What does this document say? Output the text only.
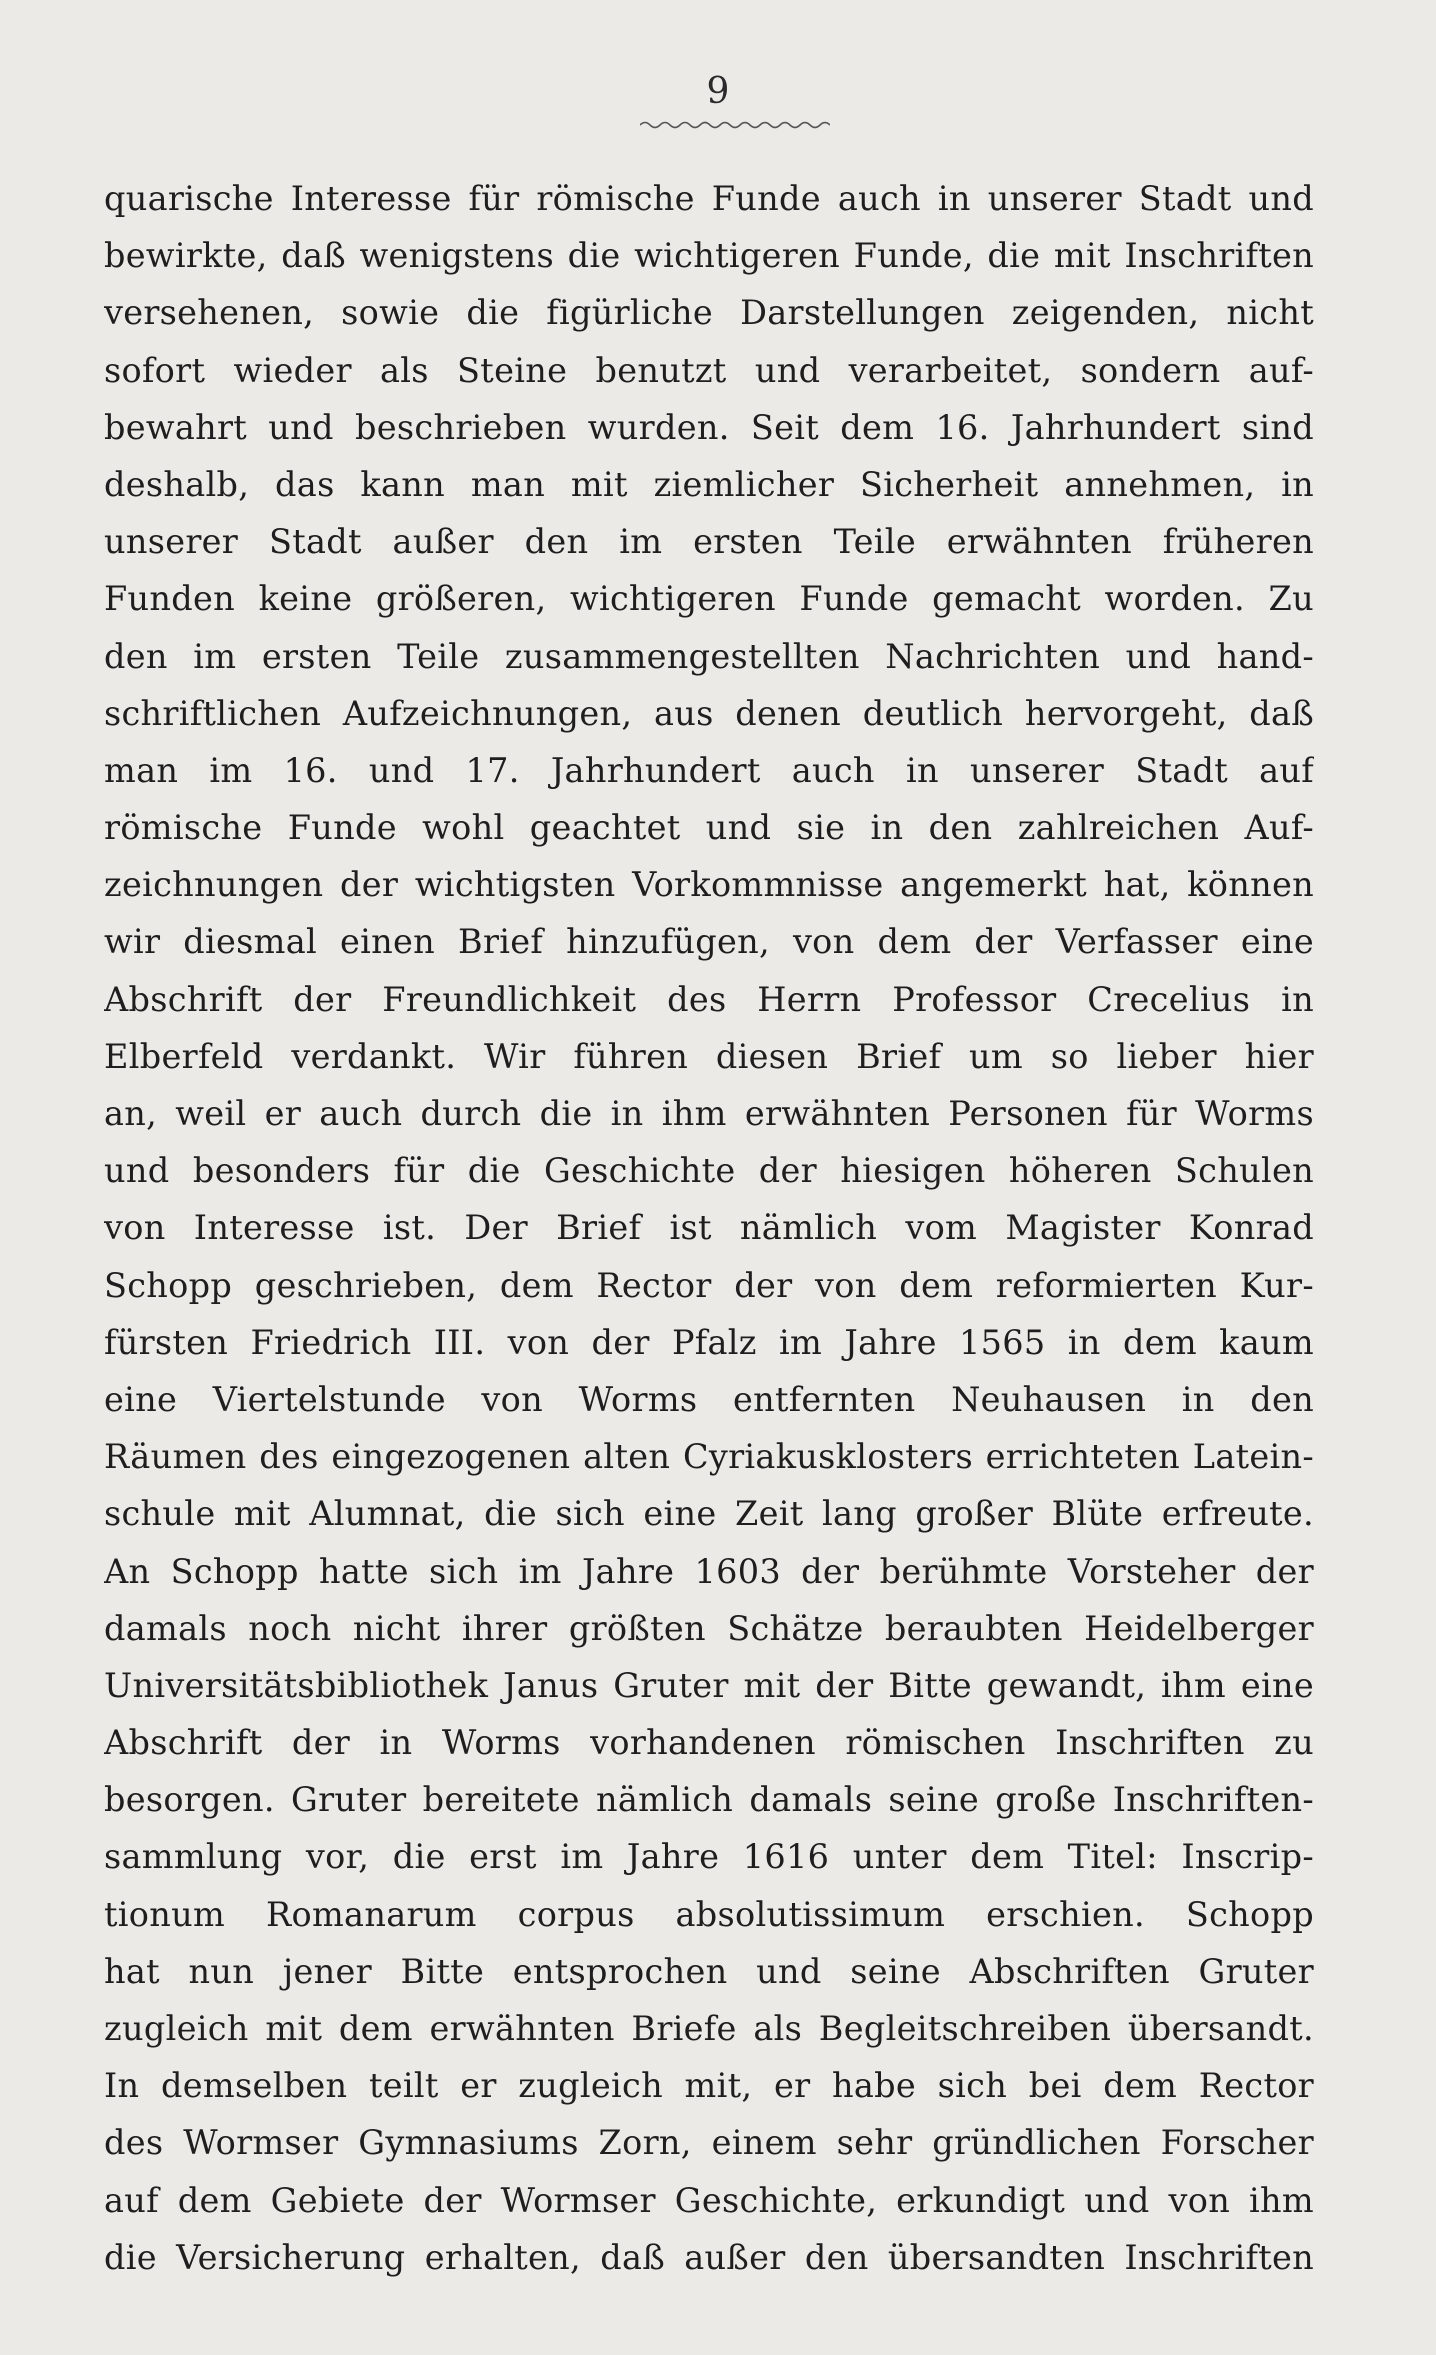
9
quarische Interesse für römische Funde auch in unserer Stadt und
bewirkte, daß wenigstens die wichtigeren Funde, die mit Inschriften
versehenen, sowie die figürliche Darstellungen zeigenden, nicht
sofort wieder als Steine benutzt und verarbeitet, sondern auf-
bewahrt und beschrieben wurden. Seit dem 16. Jahrhundert sind
deshalb, das kann man mit ziemlicher Sicherheit annehmen, in
unserer Stadt außer den im ersten Teile erwähnten früheren
Funden keine größeren, wichtigeren Funde gemacht worden. Zu
den im ersten Teile zusammengestellten Nachrichten und hand-
schriftlichen Aufzeichnungen, aus denen deutlich hervorgeht, daß
man im 16. und 17. Jahrhundert auch in unserer Stadt auf
römische Funde wohl geachtet und sie in den zahlreichen Auf-
zeichnungen der wichtigsten Vorkommnisse angemerkt hat, können
wir diesmal einen Brief hinzufügen, von dem der Verfasser eine
Abschrift der Freundlichkeit des Herrn Professor Crecelius in
Elberfeld verdankt. Wir führen diesen Brief um so lieber hier
an, weil er auch durch die in ihm erwähnten Personen für Worms
und besonders für die Geschichte der hiesigen höheren Schulen
von Interesse ist. Der Brief ist nämlich vom Magister Konrad
Schopp geschrieben, dem Rector der von dem reformierten Kur-
fürsten Friedrich III. von der Pfalz im Jahre 1565 in dem kaum
eine Viertelstunde von Worms entfernten Neuhausen in den
Räumen des eingezogenen alten Cyriakusklosters errichteten Latein-
schule mit Alumnat, die sich eine Zeit lang großer Blüte erfreute.
An Schopp hatte sich im Jahre 1603 der berühmte Vorsteher der
damals noch nicht ihrer größten Schätze beraubten Heidelberger
Universitätsbibliothek Janus Gruter mit der Bitte gewandt, ihm eine
Abschrift der in Worms vorhandenen römischen Inschriften zu
besorgen. Gruter bereitete nämlich damals seine große Inschriften-
sammlung vor, die erst im Jahre 1616 unter dem Titel: Inscrip-
tionum Romanarum corpus absolutissimum erschien. Schopp
hat nun jener Bitte entsprochen und seine Abschriften Gruter
zugleich mit dem erwähnten Briefe als Begleitschreiben übersandt.
In demselben teilt er zugleich mit, er habe sich bei dem Rector
des Wormser Gymnasiums Zorn, einem sehr gründlichen Forscher
auf dem Gebiete der Wormser Geschichte, erkundigt und von ihm
die Versicherung erhalten, daß außer den übersandten Inschriften
